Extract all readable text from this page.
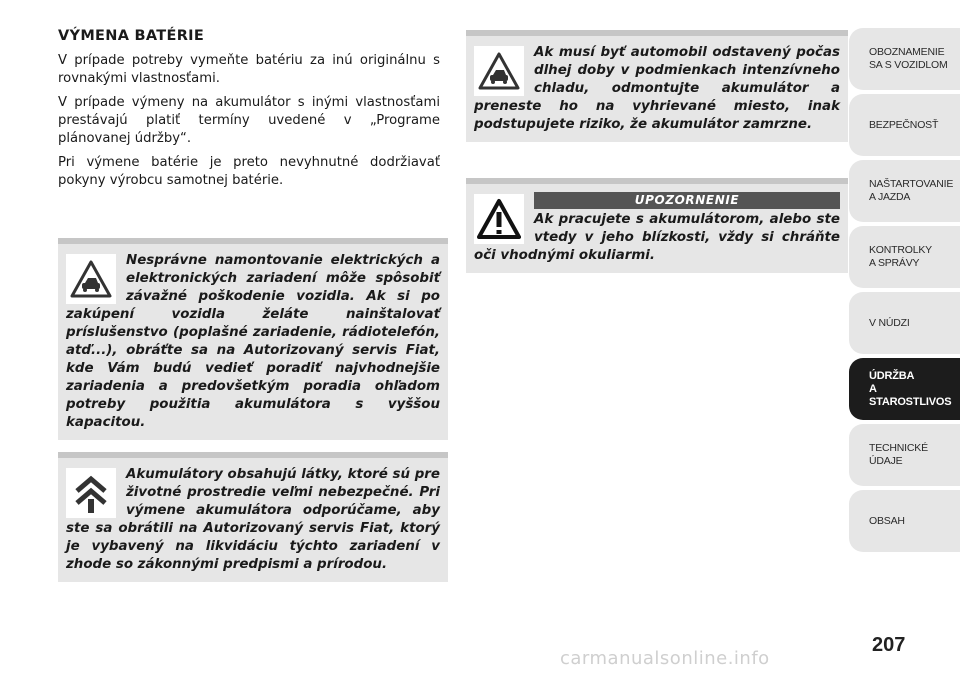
VÝMENA BATÉRIE

V prípade potreby vymeňte batériu za inú originálnu s rovnakými vlastnosťami.

V prípade výmeny na akumulátor s inými vlastnosťami prestávajú platiť termíny uvedené v „Programe plánovanej údržby“.

Pri výmene batérie je preto nevyhnutné dodržiavať pokyny výrobcu samotnej batérie.

Nesprávne namontovanie elektrických a elektronických zariadení môže spôsobiť závažné poškodenie vozidla. Ak si po zakúpení vozidla želáte nainštalovať príslušenstvo (poplašné zariadenie, rádiotelefón, atď...), obráťte sa na Autorizovaný servis Fiat, kde Vám budú vedieť poradiť najvhodnejšie zariadenia a predovšetkým poradia ohľadom potreby použitia akumulátora s vyššou kapacitou.

Akumulátory obsahujú látky, ktoré sú pre životné prostredie veľmi nebezpečné. Pri výmene akumulátora odporúčame, aby ste sa obrátili na Autorizovaný servis Fiat, ktorý je vybavený na likvidáciu týchto zariadení v zhode so zákonnými predpismi a prírodou.

Ak musí byť automobil odstavený počas dlhej doby v podmienkach intenzívneho chladu, odmontujte akumulátor a preneste ho na vyhrievané miesto, inak podstupujete riziko, že akumulátor zamrzne.

UPOZORNENIE

Ak pracujete s akumulátorom, alebo ste vtedy v jeho blízkosti, vždy si chráňte oči vhodnými okuliarmi.

OBOZNAMENIE
SA S VOZIDLOM
BEZPEČNOSŤ
NAŠTARTOVANIE
A JAZDA
KONTROLKY
A SPRÁVY
V NÚDZI
ÚDRŽBA
A STAROSTLIVOS
TECHNICKÉ
ÚDAJE
OBSAH
207
carmanualsonline.info
